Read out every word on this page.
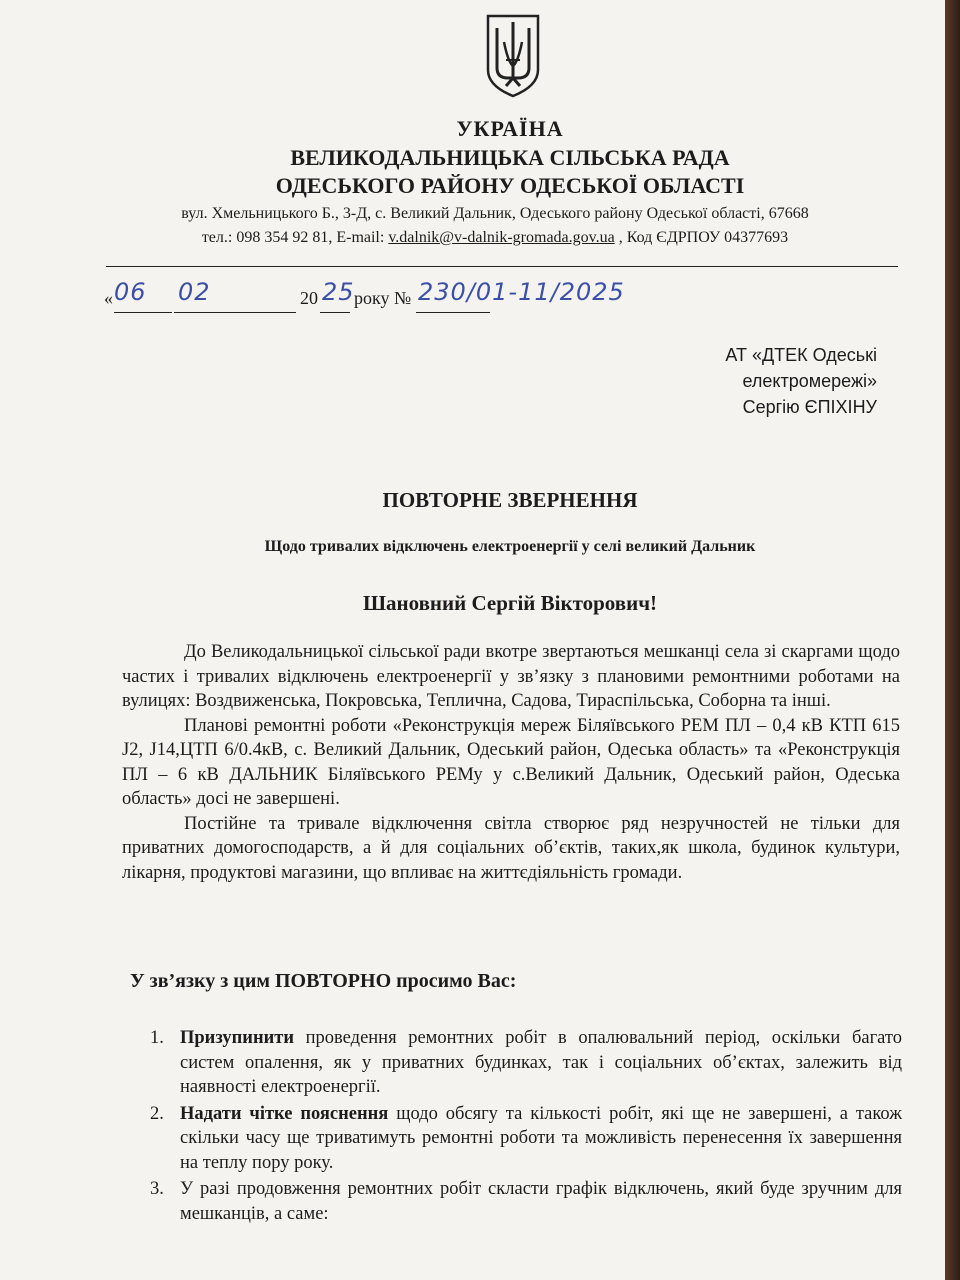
УКРАЇНА
ВЕЛИКОДАЛЬНИЦЬКА СІЛЬСЬКА РАДА
ОДЕСЬКОГО РАЙОНУ ОДЕСЬКОЇ ОБЛАСТІ
вул. Хмельницького Б., 3-Д, с. Великий Дальник, Одеського району Одеської області, 67668
тел.: 098 354 92 81, E-mail: v.dalnik@v-dalnik-gromada.gov.ua , Код ЄДРПОУ 04377693
« 06 02	20 25 року № 230/01-11/2025
АТ «ДТЕК Одеські
електромережі»
Сергію ЄПІХІНУ
ПОВТОРНЕ ЗВЕРНЕННЯ
Щодо тривалих відключень електроенергії у селі великий Дальник
Шановний Сергій Вікторович!

До Великодальницької сільської ради вкотре звертаються мешканці села зі скаргами щодо частих і тривалих відключень електроенергії у зв’язку з плановими ремонтними роботами на вулицях: Воздвиженська, Покровська, Теплична, Садова, Тираспільська, Соборна та інші.

Планові ремонтні роботи «Реконструкція мереж Біляївського РЕМ ПЛ – 0,4 кВ КТП 615 J2, J14,ЦТП 6/0.4кВ, с. Великий Дальник, Одеський район, Одеська область» та «Реконструкція ПЛ – 6 кВ ДАЛЬНИК Біляївського РЕМу у с.Великий Дальник, Одеський район, Одеська область» досі не завершені.

Постійне та тривале відключення світла створює ряд незручностей не тільки для приватних домогосподарств, а й для соціальних об’єктів, таких,як школа, будинок культури, лікарня, продуктові магазини, що впливає на життєдіяльність громади.

У зв’язку з цим ПОВТОРНО просимо Вас:
1. Призупинити проведення ремонтних робіт в опалювальний період, оскільки багато систем опалення, як у приватних будинках, так і соціальних об’єктах, залежить від наявності електроенергії.
2. Надати чітке пояснення щодо обсягу та кількості робіт, які ще не завершені, а також скільки часу ще триватимуть ремонтні роботи та можливість перенесення їх завершення на теплу пору року.
3. У разі продовження ремонтних робіт скласти графік відключень, який буде зручним для мешканців, а саме:
